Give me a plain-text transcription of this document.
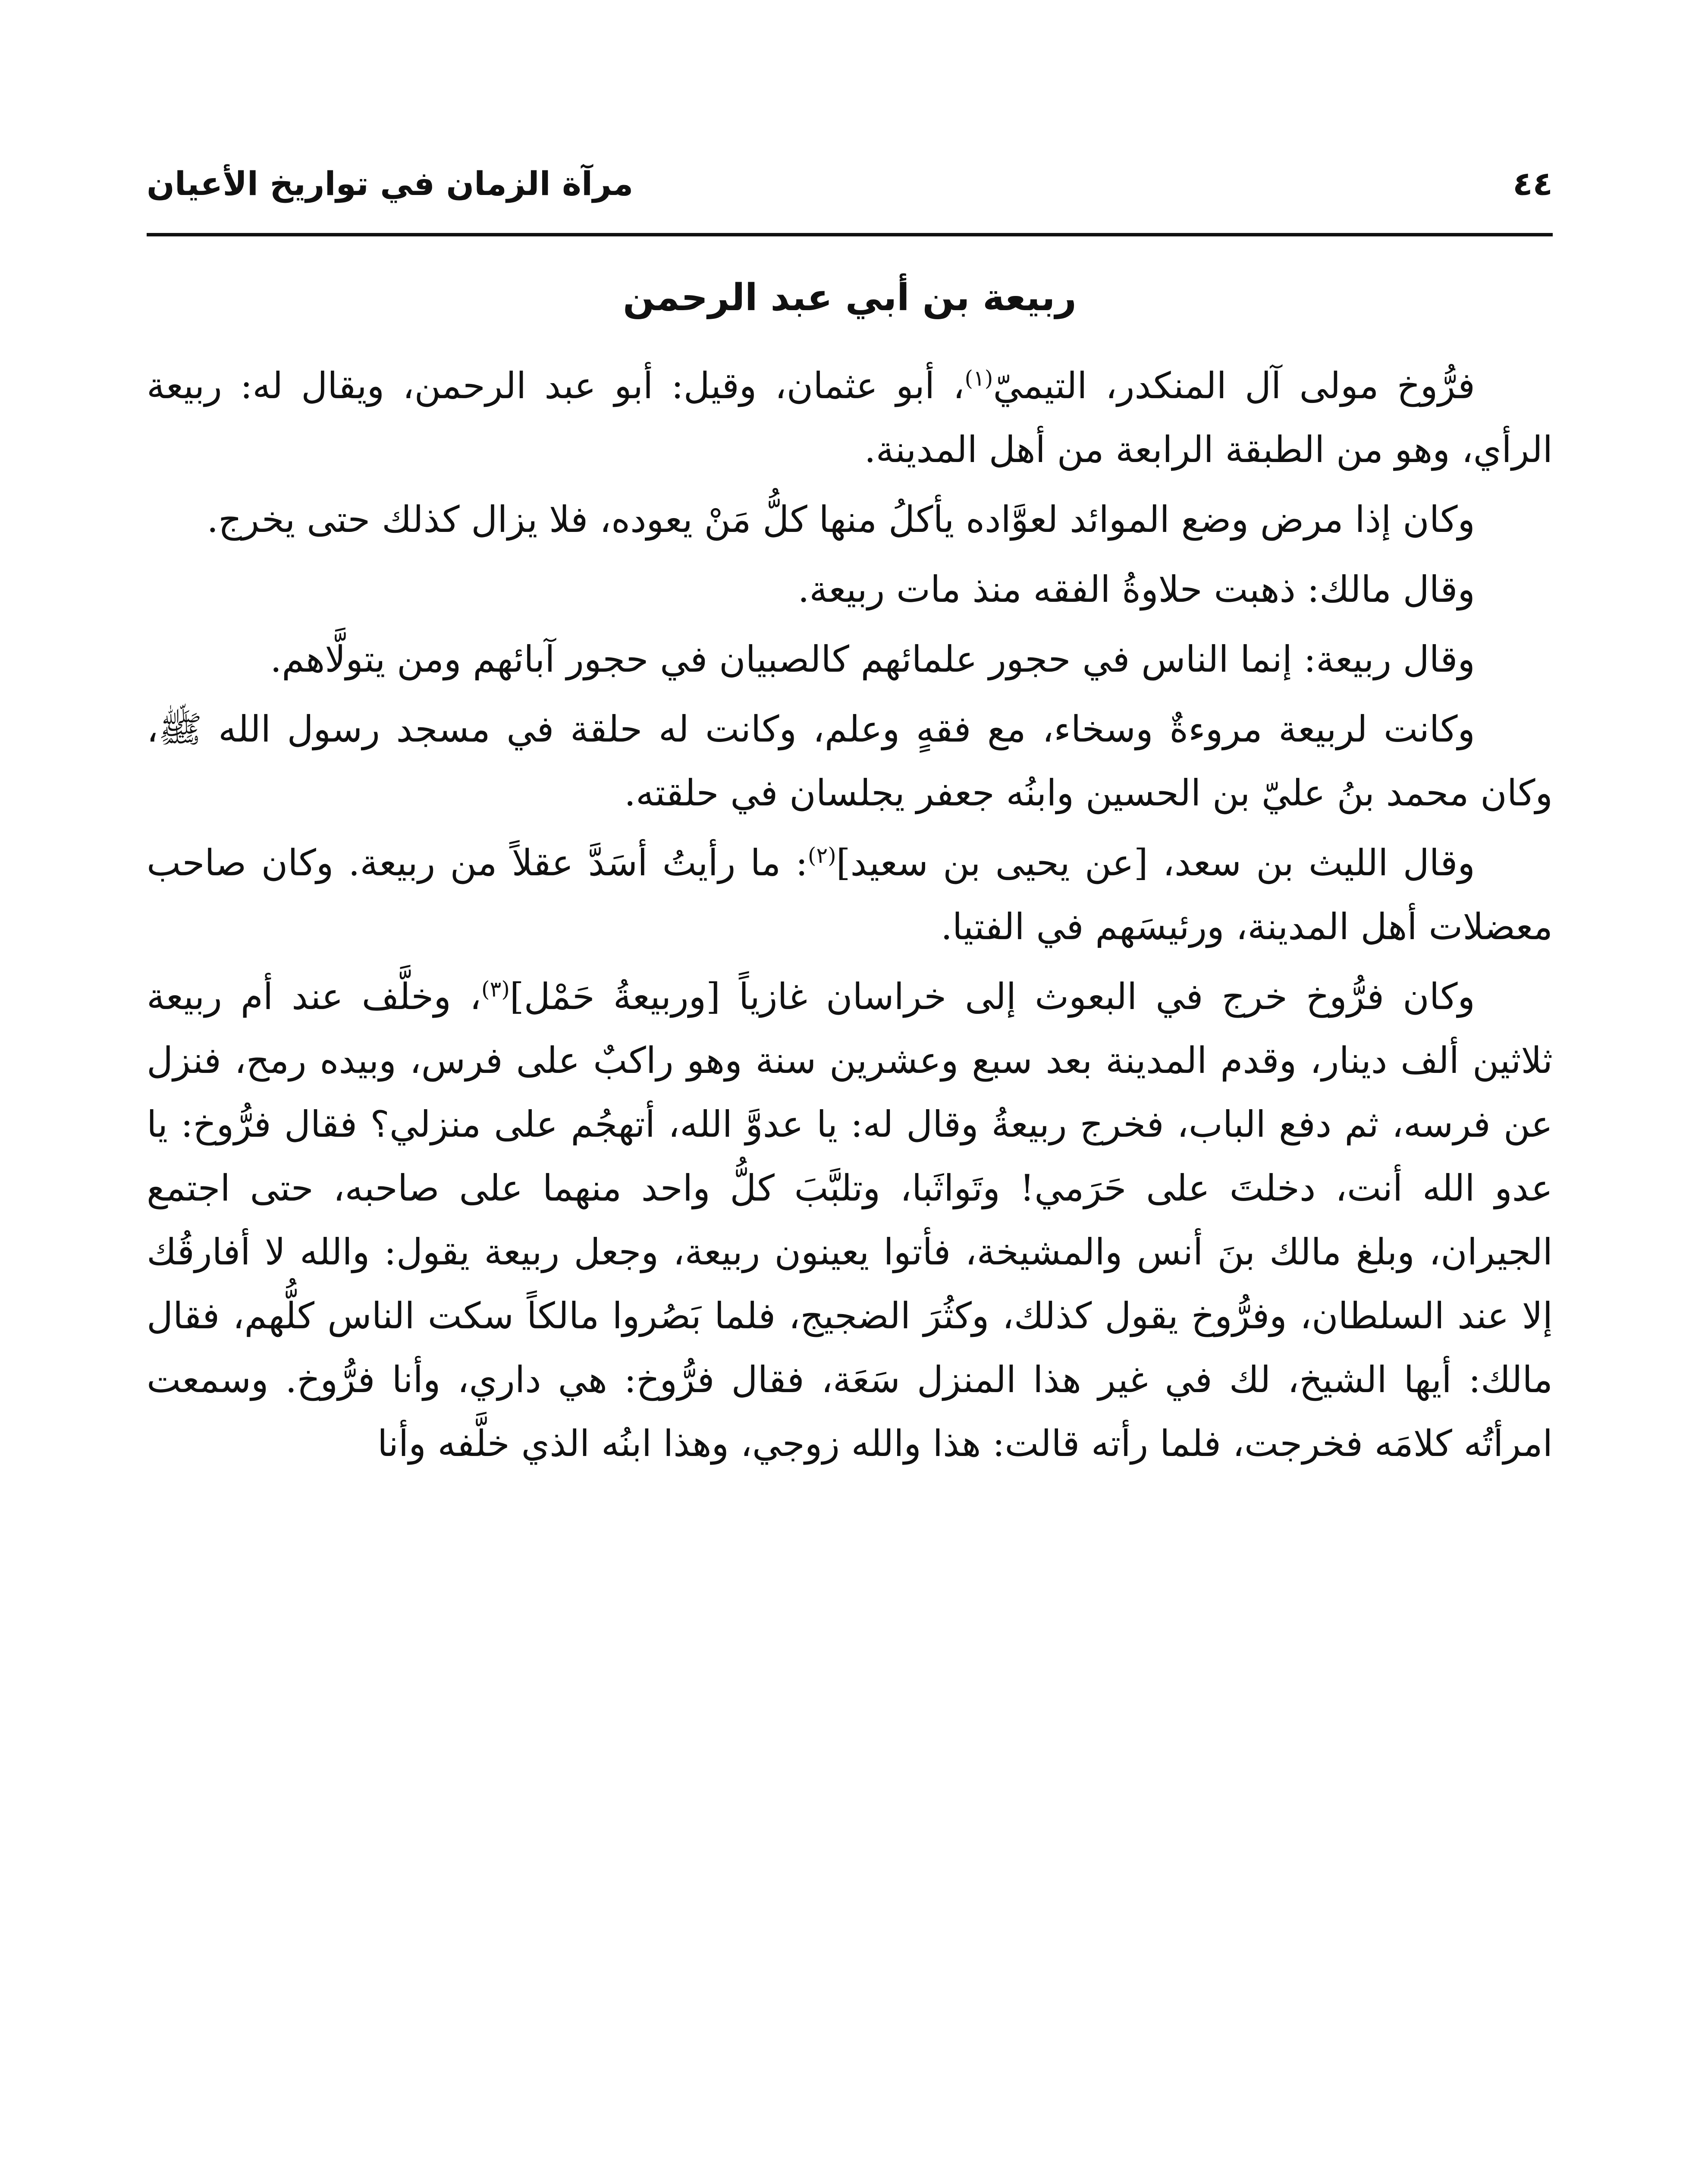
٤٤
مرآة الزمان في تواريخ الأعيان
ربيعة بن أبي عبد الرحمن

فرُّوخ مولى آل المنكدر، التيميّ$^{(١)}$، أبو عثمان، وقيل: أبو عبد الرحمن، ويقال له: ربيعة الرأي، وهو من الطبقة الرابعة من أهل المدينة.

وكان إذا مرض وضع الموائد لعوَّاده يأكلُ منها كلُّ مَنْ يعوده، فلا يزال كذلك حتى يخرج.

وقال مالك: ذهبت حلاوةُ الفقه منذ مات ربيعة.

وقال ربيعة: إنما الناس في حجور علمائهم كالصبيان في حجور آبائهم ومن يتولَّاهم.

وكانت لربيعة مروءةٌ وسخاء، مع فقهٍ وعلم، وكانت له حلقة في مسجد رسول الله ﷺ، وكان محمد بنُ عليّ بن الحسين وابنُه جعفر يجلسان في حلقته.

وقال الليث بن سعد، [عن يحيى بن سعيد]$^{(٢)}$: ما رأيتُ أسَدَّ عقلاً من ربيعة. وكان صاحب معضلات أهل المدينة، ورئيسَهم في الفتيا.

وكان فرُّوخ خرج في البعوث إلى خراسان غازياً [وربيعةُ حَمْل]$^{(٣)}$، وخلَّف عند أم ربيعة ثلاثين ألف دينار، وقدم المدينة بعد سبع وعشرين سنة وهو راكبٌ على فرس، وبيده رمح، فنزل عن فرسه، ثم دفع الباب، فخرج ربيعةُ وقال له: يا عدوَّ الله، أتهجُم على منزلي؟ فقال فرُّوخ: يا عدو الله أنت، دخلتَ على حَرَمي! وتَواثَبا، وتلبَّبَ كلُّ واحد منهما على صاحبه، حتى اجتمع الجيران، وبلغ مالك بنَ أنس والمشيخة، فأتوا يعينون ربيعة، وجعل ربيعة يقول: والله لا أفارقُك إلا عند السلطان، وفرُّوخ يقول كذلك، وكثُرَ الضجيج، فلما بَصُروا مالكاً سكت الناس كلُّهم، فقال مالك: أيها الشيخ، لك في غير هذا المنزل سَعَة، فقال فرُّوخ: هي داري، وأنا فرُّوخ. وسمعت امرأتُه كلامَه فخرجت، فلما رأته قالت: هذا والله زوجي، وهذا ابنُه الذي خلَّفه وأنا
